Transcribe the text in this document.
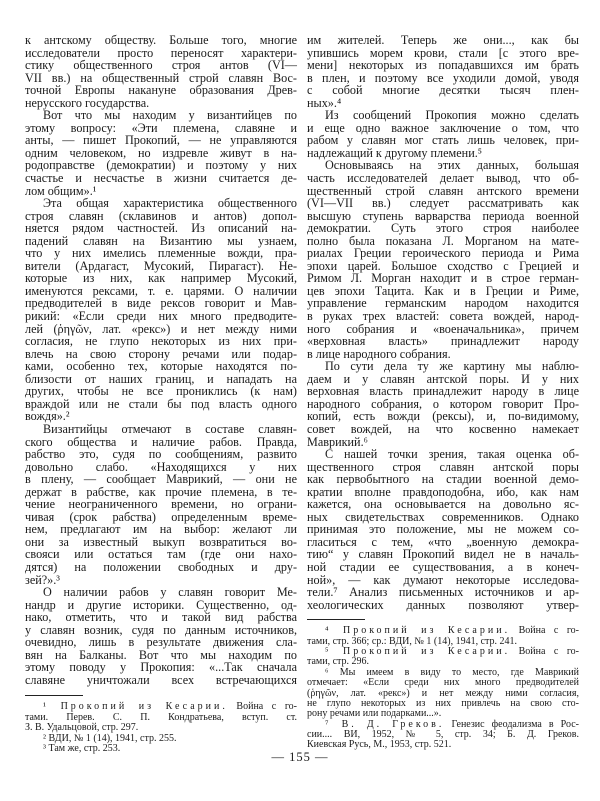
к антскому обществу. Больше того, многие
исследователи просто переносят характери-
стику общественного строя антов (VI—
VII вв.) на общественный строй славян Вос-
точной Европы накануне образования Древ-
нерусского государства.
Вот что мы находим у византийцев по
этому вопросу: «Эти племена, славяне и
анты, — пишет Прокопий, — не управляются
одним человеком, но издревле живут в на-
родоправстве (демократии) и поэтому у них
счастье и несчастье в жизни считается де-
лом общим».¹
Эта общая характеристика общественного
строя славян (склавинов и антов) допол-
няется рядом частностей. Из описаний на-
падений славян на Византию мы узнаем,
что у них имелись племенные вожди, пра-
вители (Ардагаст, Мусокий, Пирагаст). Не-
которые из них, как например Мусокий,
именуются рексами, т. е. царями. О наличии
предводителей в виде рексов говорит и Мав-
рикий: «Если среди них много предводите-
лей (ῥηγῶν, лат. «рекс») и нет между ними
согласия, не глупо некоторых из них при-
влечь на свою сторону речами или подар-
ками, особенно тех, которые находятся по-
близости от наших границ, и нападать на
других, чтобы не все прониклись (к нам)
враждой или не стали бы под власть одного
вождя».²
Византийцы отмечают в составе славян-
ского общества и наличие рабов. Правда,
рабство это, судя по сообщениям, развито
довольно слабо. «Находящихся у них
в плену, — сообщает Маврикий, — они не
держат в рабстве, как прочие племена, в те-
чение неограниченного времени, но ограни-
чивая (срок рабства) определенным време-
нем, предлагают им на выбор: желают ли
они за известный выкуп возвратиться во-
свояси или остаться там (где они нахо-
дятся) на положении свободных и дру-
зей?».³
О наличии рабов у славян говорит Ме-
нандр и другие историки. Существенно, од-
нако, отметить, что и такой вид рабства
у славян возник, судя по данным источников,
очевидно, лишь в результате движения сла-
вян на Балканы. Вот что мы находим по
этому поводу у Прокопия: «...Так сначала
славяне уничтожали всех встречающихся
¹ Прокопий из Кесарии. Война с го-
тами. Перев. С. П. Кондратьева, вступ. ст.
З. В. Удальцовой, стр. 297.
² ВДИ, № 1 (14), 1941, стр. 255.
³ Там же, стр. 253.
им жителей. Теперь же они..., как бы
упившись морем крови, стали [с этого вре-
мени] некоторых из попадавшихся им брать
в плен, и поэтому все уходили домой, уводя
с собой многие десятки тысяч плен-
ных».⁴
Из сообщений Прокопия можно сделать
и еще одно важное заключение о том, что
рабом у славян мог стать лишь человек, при-
надлежащий к другому племени.⁵
Основываясь на этих данных, большая
часть исследователей делает вывод, что об-
щественный строй славян антского времени
(VI—VII вв.) следует рассматривать как
высшую ступень варварства периода военной
демократии. Суть этого строя наиболее
полно была показана Л. Морганом на мате-
риалах Греции героического периода и Рима
эпохи царей. Большое сходство с Грецией и
Римом Л. Морган находит и в строе герман-
цев эпохи Тацита. Как и в Греции и Риме,
управление германским народом находится
в руках трех властей: совета вождей, народ-
ного собрания и «военачальника», причем
«верховная власть» принадлежит народу
в лице народного собрания.
По сути дела ту же картину мы наблю-
даем и у славян антской поры. И у них
верховная власть принадлежит народу в лице
народного собрания, о котором говорит Про-
копий, есть вожди (рексы), и, по-видимому,
совет вождей, на что косвенно намекает
Маврикий.⁶
С нашей точки зрения, такая оценка об-
щественного строя славян антской поры
как первобытного на стадии военной демо-
кратии вполне правдоподобна, ибо, как нам
кажется, она основывается на довольно яс-
ных свидетельствах современников. Однако
принимая это положение, мы не можем со-
гласиться с тем, «что „военную демокра-
тию“ у славян Прокопий видел не в началь-
ной стадии ее существования, а в конеч-
ной», — как думают некоторые исследова-
тели.⁷ Анализ письменных источников и ар-
хеологических данных позволяют утвер-
⁴ Прокопий из Кесарии. Война с го-
тами, стр. 366; ср.: ВДИ, № 1 (14), 1941, стр. 241.
⁵ Прокопий из Кесарии. Война с го-
тами, стр. 296.
⁶ Мы имеем в виду то место, где Маврикий
отмечает: «Если среди них много предводителей
(ῥηγῶν, лат. «рекс») и нет между ними согласия,
не глупо некоторых из них привлечь на свою сто-
рону речами или подарками...».
⁷ В. Д. Греков. Генезис феодализма в Рос-
сии.... ВИ, 1952, № 5, стр. 34; Б. Д. Греков.
Киевская Русь, М., 1953, стр. 521.
— 155 —
